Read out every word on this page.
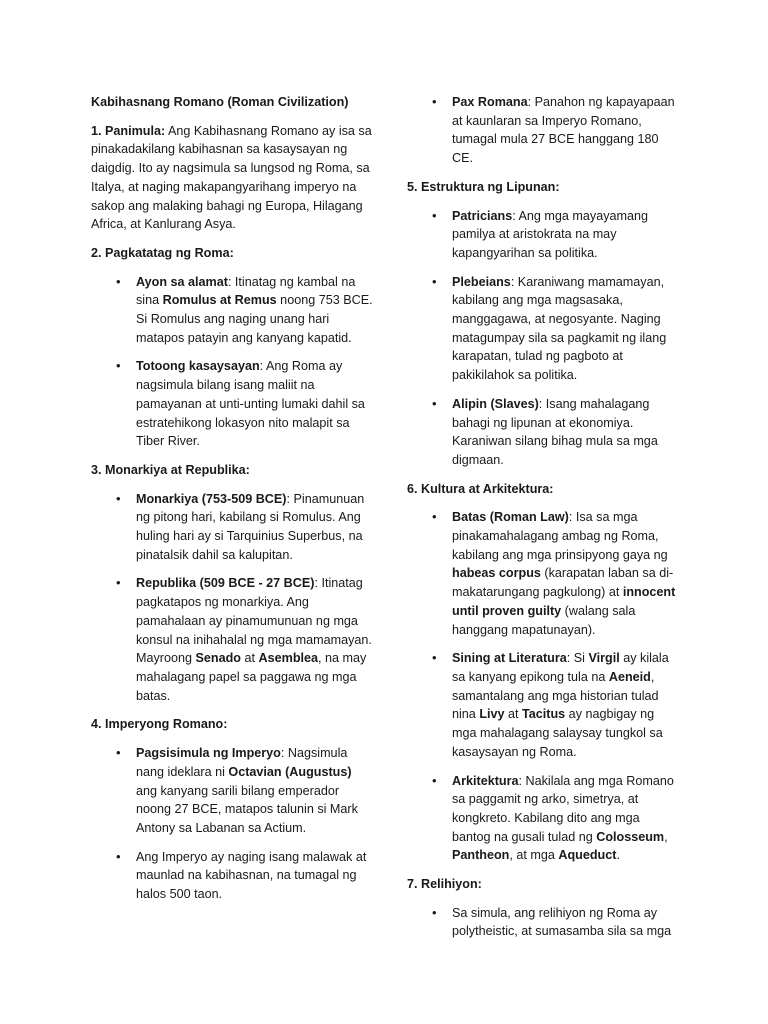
Kabihasnang Romano (Roman Civilization)

1. Panimula: Ang Kabihasnang Romano ay isa sa pinakadakilang kabihasnan sa kasaysayan ng daigdig. Ito ay nagsimula sa lungsod ng Roma, sa Italya, at naging makapangyarihang imperyo na sakop ang malaking bahagi ng Europa, Hilagang Africa, at Kanlurang Asya.

2. Pagkatatag ng Roma:

• Ayon sa alamat: Itinatag ng kambal na sina Romulus at Remus noong 753 BCE. Si Romulus ang naging unang hari matapos patayin ang kanyang kapatid.
• Totoong kasaysayan: Ang Roma ay nagsimula bilang isang maliit na pamayanan at unti-unting lumaki dahil sa estratehikong lokasyon nito malapit sa Tiber River.

3. Monarkiya at Republika:

• Monarkiya (753-509 BCE): Pinamunuan ng pitong hari, kabilang si Romulus. Ang huling hari ay si Tarquinius Superbus, na pinatalsik dahil sa kalupitan.
• Republika (509 BCE - 27 BCE): Itinatag pagkatapos ng monarkiya. Ang pamahalaan ay pinamumunuan ng mga konsul na inihahalal ng mga mamamayan. Mayroong Senado at Asemblea, na may mahalagang papel sa paggawa ng mga batas.

4. Imperyong Romano:

• Pagsisimula ng Imperyo: Nagsimula nang ideklara ni Octavian (Augustus) ang kanyang sarili bilang emperador noong 27 BCE, matapos talunin si Mark Antony sa Labanan sa Actium.
• Ang Imperyo ay naging isang malawak at maunlad na kabihasnan, na tumagal ng halos 500 taon.
• Pax Romana: Panahon ng kapayapaan at kaunlaran sa Imperyo Romano, tumagal mula 27 BCE hanggang 180 CE.

5. Estruktura ng Lipunan:

• Patricians: Ang mga mayayamang pamilya at aristokrata na may kapangyarihan sa politika.
• Plebeians: Karaniwang mamamayan, kabilang ang mga magsasaka, manggagawa, at negosyante. Naging matagumpay sila sa pagkamit ng ilang karapatan, tulad ng pagboto at pakikilahok sa politika.
• Alipin (Slaves): Isang mahalagang bahagi ng lipunan at ekonomiya. Karaniwan silang bihag mula sa mga digmaan.

6. Kultura at Arkitektura:

• Batas (Roman Law): Isa sa mga pinakamahalagang ambag ng Roma, kabilang ang mga prinsipyong gaya ng habeas corpus (karapatan laban sa di-makatarungang pagkulong) at innocent until proven guilty (walang sala hanggang mapatunayan).
• Sining at Literatura: Si Virgil ay kilala sa kanyang epikong tula na Aeneid, samantalang ang mga historian tulad nina Livy at Tacitus ay nagbigay ng mga mahalagang salaysay tungkol sa kasaysayan ng Roma.
• Arkitektura: Nakilala ang mga Romano sa paggamit ng arko, simetrya, at kongkreto. Kabilang dito ang mga bantog na gusali tulad ng Colosseum, Pantheon, at mga Aqueduct.

7. Relihiyon:

• Sa simula, ang relihiyon ng Roma ay polytheistic, at sumasamba sila sa mga
